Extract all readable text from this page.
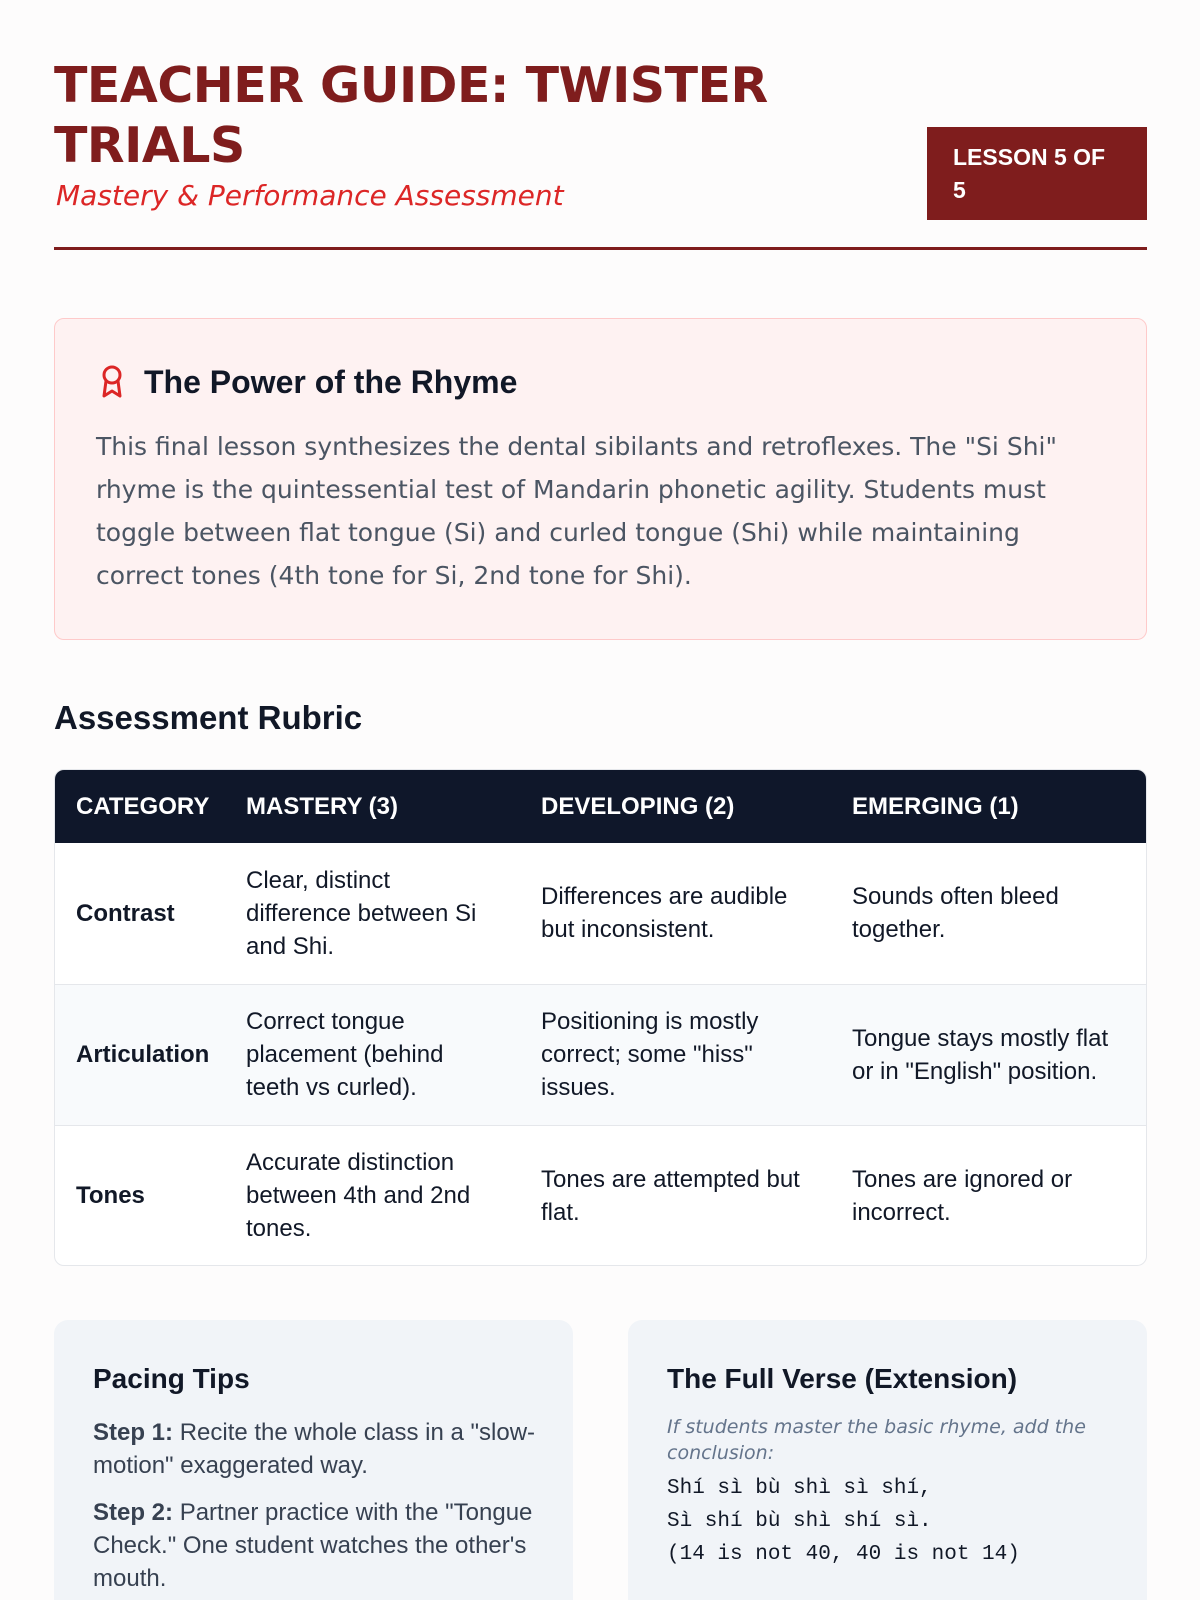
TEACHER GUIDE: TWISTER TRIALS
Mastery & Performance Assessment
LESSON 5 OF 5
The Power of the Rhyme

This final lesson synthesizes the dental sibilants and retroflexes. The "Si Shi" rhyme is the quintessential test of Mandarin phonetic agility. Students must toggle between flat tongue (Si) and curled tongue (Shi) while maintaining correct tones (4th tone for Si, 2nd tone for Shi).

Assessment Rubric
CATEGORY	MASTERY (3)	DEVELOPING (2)	EMERGING (1)
Contrast	Clear, distinct difference between Si and Shi.	Differences are audible but inconsistent.	Sounds often bleed together.
Articulation	Correct tongue placement (behind teeth vs curled).	Positioning is mostly correct; some "hiss" issues.	Tongue stays mostly flat or in "English" position.
Tones	Accurate distinction between 4th and 2nd tones.	Tones are attempted but flat.	Tones are ignored or incorrect.
Pacing Tips

Step 1: Recite the whole class in a "slow-motion" exaggerated way.

Step 2: Partner practice with the "Tongue Check." One student watches the other's mouth.

The Full Verse (Extension)

If students master the basic rhyme, add the conclusion:

Shí sì bù shì sì shí,
Sì shí bù shì shí sì.
(14 is not 40, 40 is not 14)
